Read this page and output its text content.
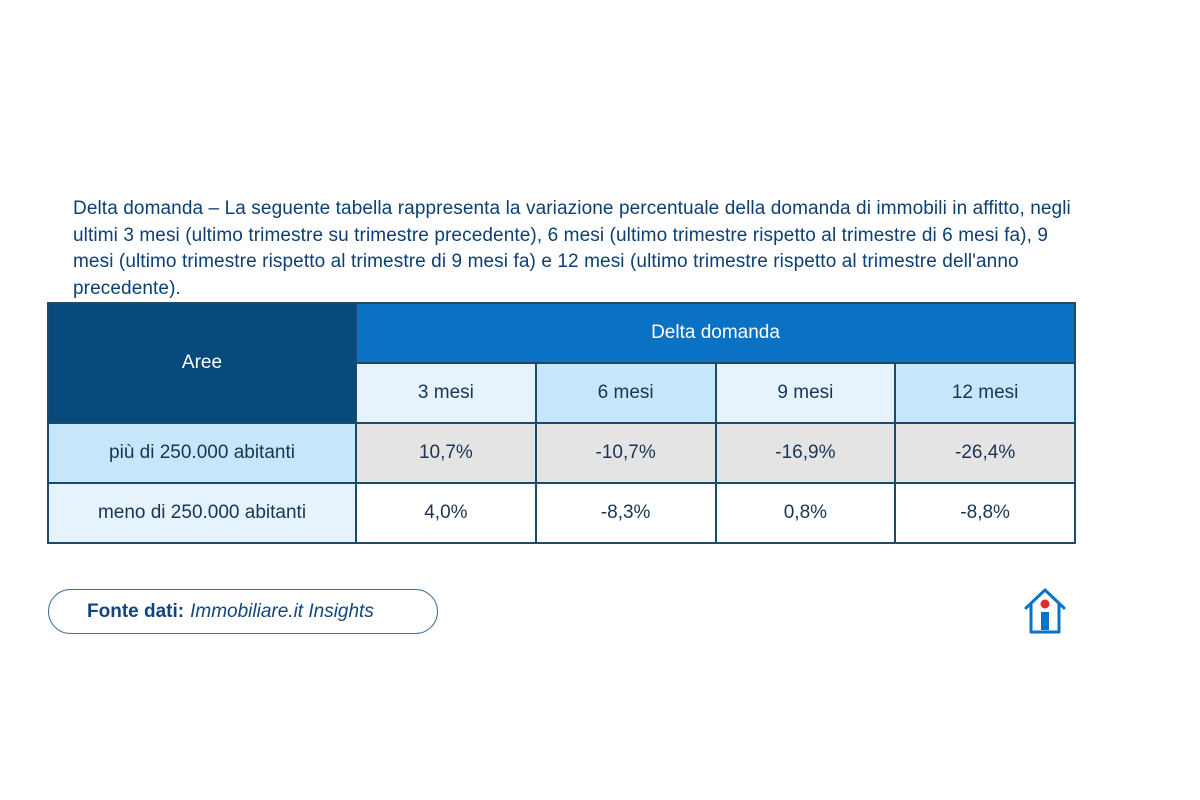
Delta domanda – La seguente tabella rappresenta la variazione percentuale della domanda di immobili in affitto, negli ultimi 3 mesi (ultimo trimestre su trimestre precedente), 6 mesi (ultimo trimestre rispetto al trimestre di 6 mesi fa), 9 mesi (ultimo trimestre rispetto al trimestre di 9 mesi fa) e 12 mesi (ultimo trimestre rispetto al trimestre dell'anno precedente).

Aree	Delta domanda			
	3 mesi	6 mesi	9 mesi	12 mesi
più di 250.000 abitanti	10,7%	-10,7%	-16,9%	-26,4%
meno di 250.000 abitanti	4,0%	-8,3%	0,8%	-8,8%
Fonte dati: Immobiliare.it Insights
